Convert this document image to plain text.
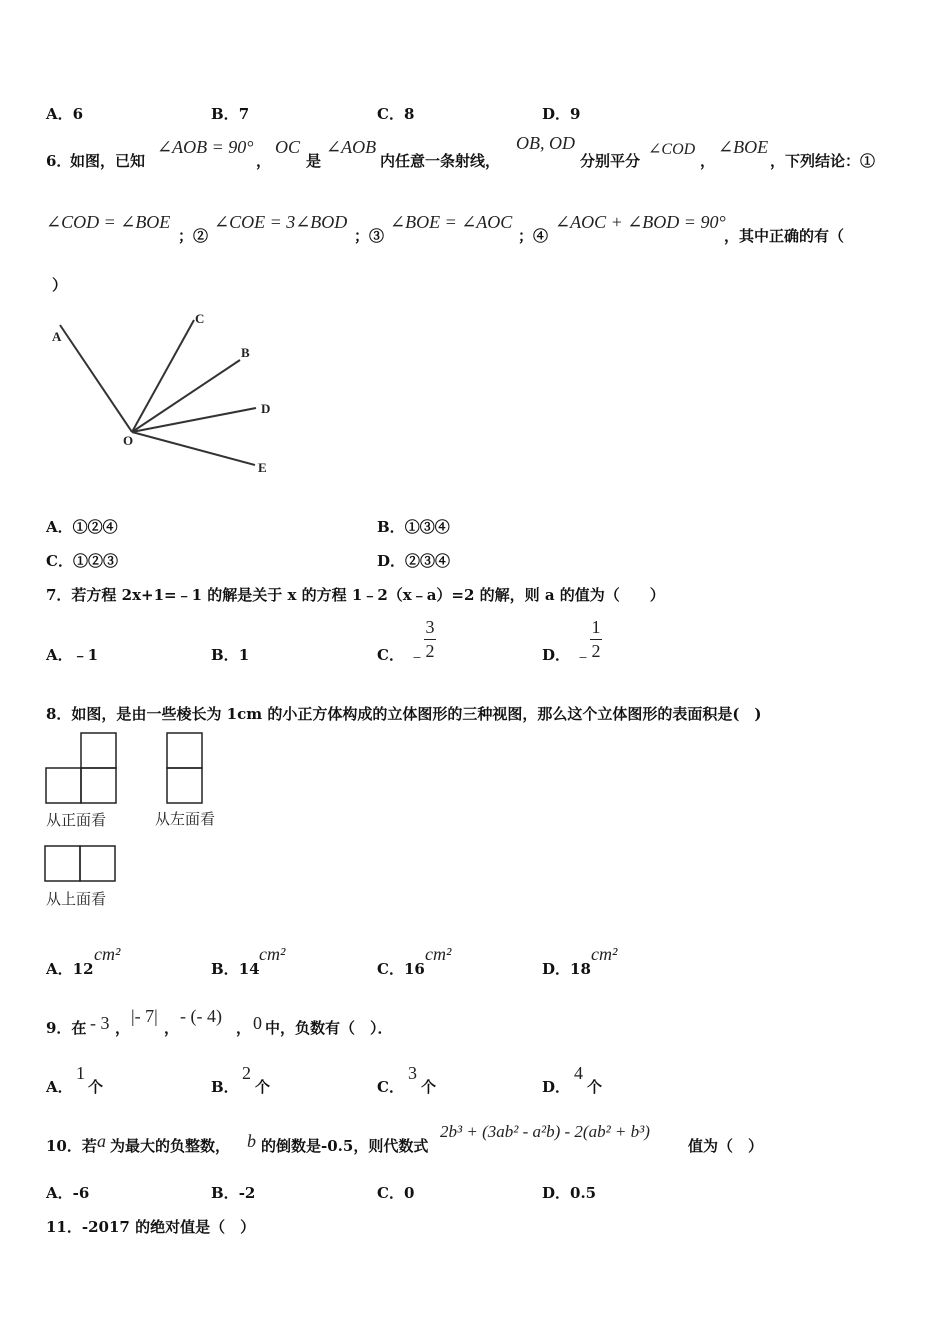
A．6	B．7	C．8	D．9
6．
如图，已知
∠AOB = 90°
，
OC
是
∠AOB
内任意一条射线，
OB, OD
分别平分
∠COD
，
∠BOE
，下列结论：①
∠COD = ∠BOE
；②
∠COE = 3∠BOD
；③
∠BOE = ∠AOC
；④
∠AOC + ∠BOD = 90°
，其中正确的有（
）
A
C
B
D
O
E
A．①②④	B．①③④
C．①②③	D．②③④
7．若方程 2x+1=﹣1 的解是关于 x 的方程 1﹣2（x﹣a）=2 的解，则 a 的值为（　　）
A．﹣1	B．1	C． ﹣
3
2	D． ﹣
1
2
8．如图，是由一些棱长为 1cm 的小正方体构成的立体图形的三种视图，那么这个立体图形的表面积是(　)
从正面看	从左面看
从上面看
A．12
cm²
B．14
cm²
C．16
cm²
D．18
cm²
9．在 - 3 ，
|- 7|
，
- (- 4)
， 0 中，负数有（　）．
A．
1
个	B．
2
个	C．
3
个	D．
4
个
10．若 a 为最大的负整数， b 的倒数是-0.5，则代数式
2b³ + (3ab² - a²b) - 2(ab² + b³)
值为（　）
A．-6	B．-2	C．0	D．0.5
11．-2017 的绝对值是（　）
